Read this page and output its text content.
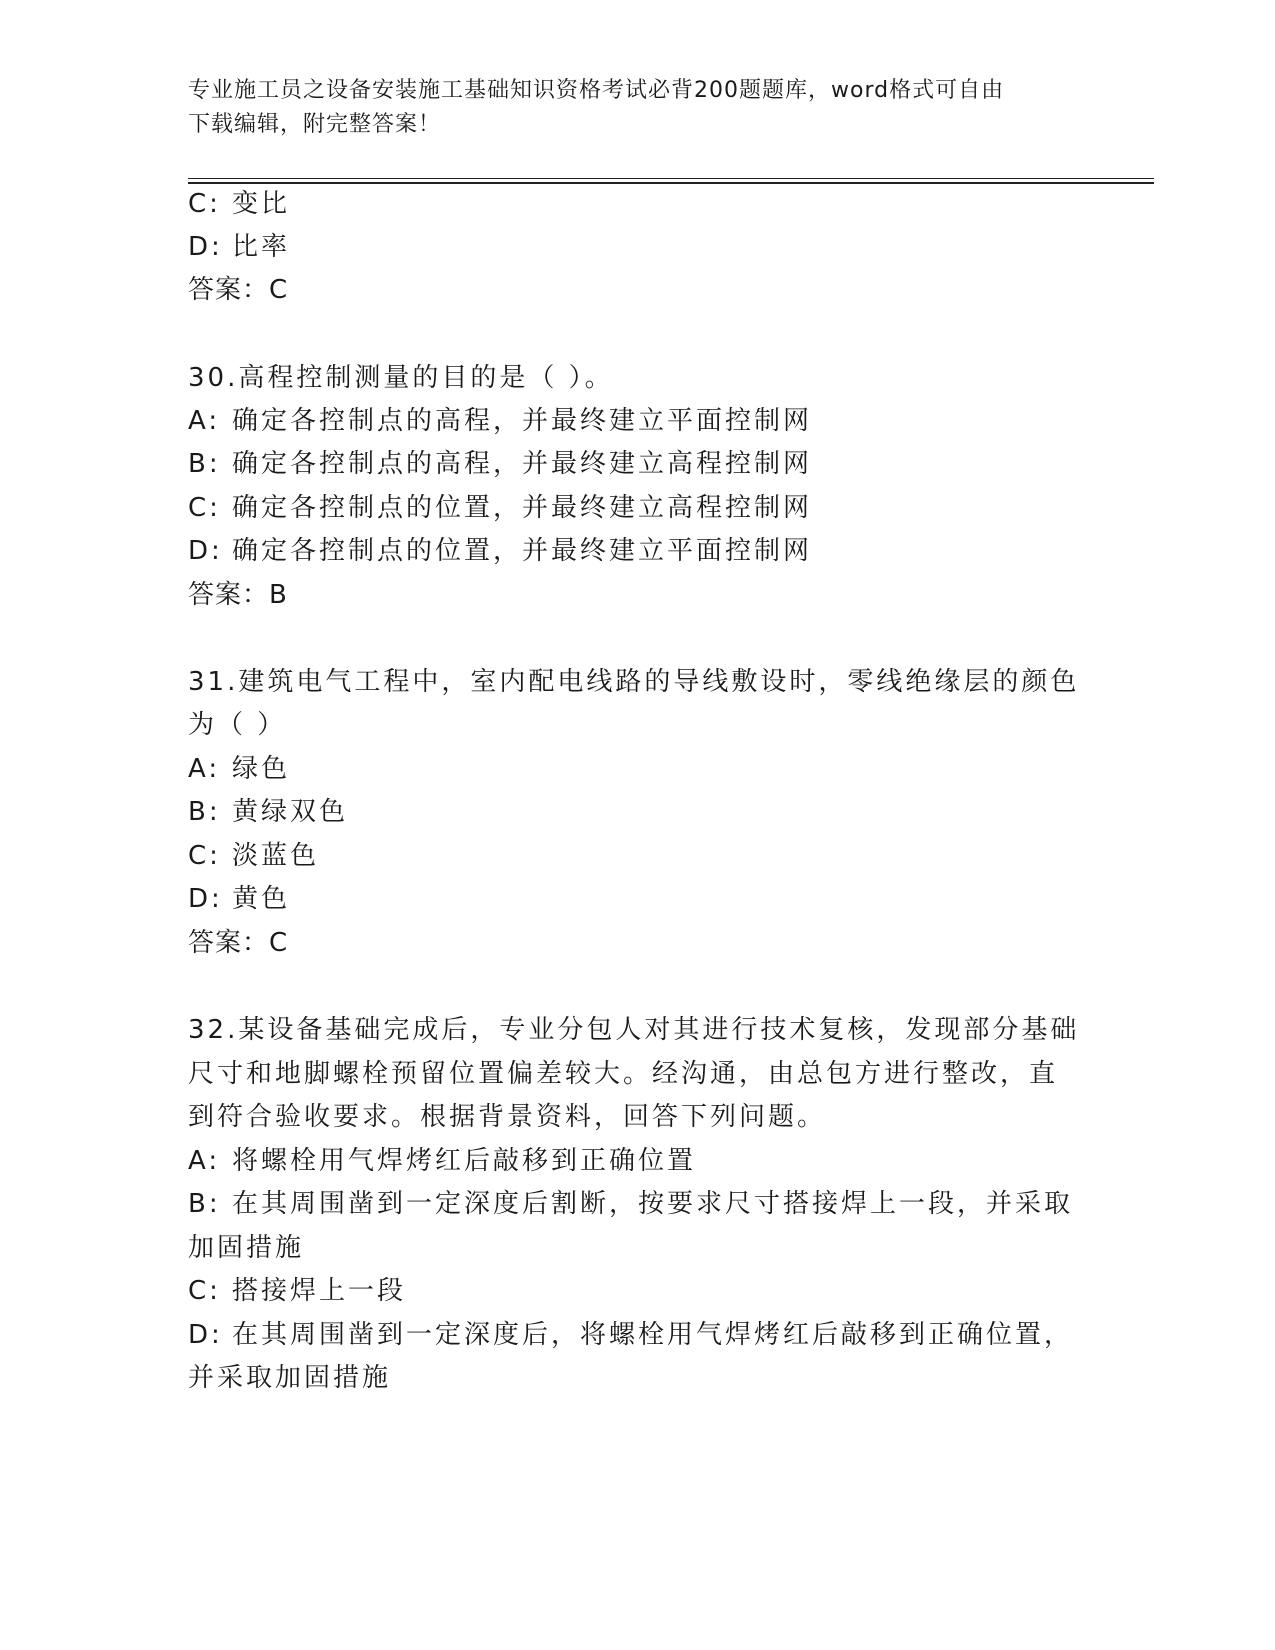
专业施工员之设备安装施工基础知识资格考试必背200题题库，word格式可自由
下载编辑，附完整答案！
C: 变比
D: 比率
答案：C
30.高程控制测量的目的是（ ）。
A: 确定各控制点的高程，并最终建立平面控制网
B: 确定各控制点的高程，并最终建立高程控制网
C: 确定各控制点的位置，并最终建立高程控制网
D: 确定各控制点的位置，并最终建立平面控制网
答案：B
31.建筑电气工程中，室内配电线路的导线敷设时，零线绝缘层的颜色
为（ ）
A: 绿色
B: 黄绿双色
C: 淡蓝色
D: 黄色
答案：C
32.某设备基础完成后，专业分包人对其进行技术复核，发现部分基础
尺寸和地脚螺栓预留位置偏差较大。经沟通，由总包方进行整改，直
到符合验收要求。根据背景资料，回答下列问题。
A: 将螺栓用气焊烤红后敲移到正确位置
B: 在其周围凿到一定深度后割断，按要求尺寸搭接焊上一段，并采取
加固措施
C: 搭接焊上一段
D: 在其周围凿到一定深度后，将螺栓用气焊烤红后敲移到正确位置，
并采取加固措施
